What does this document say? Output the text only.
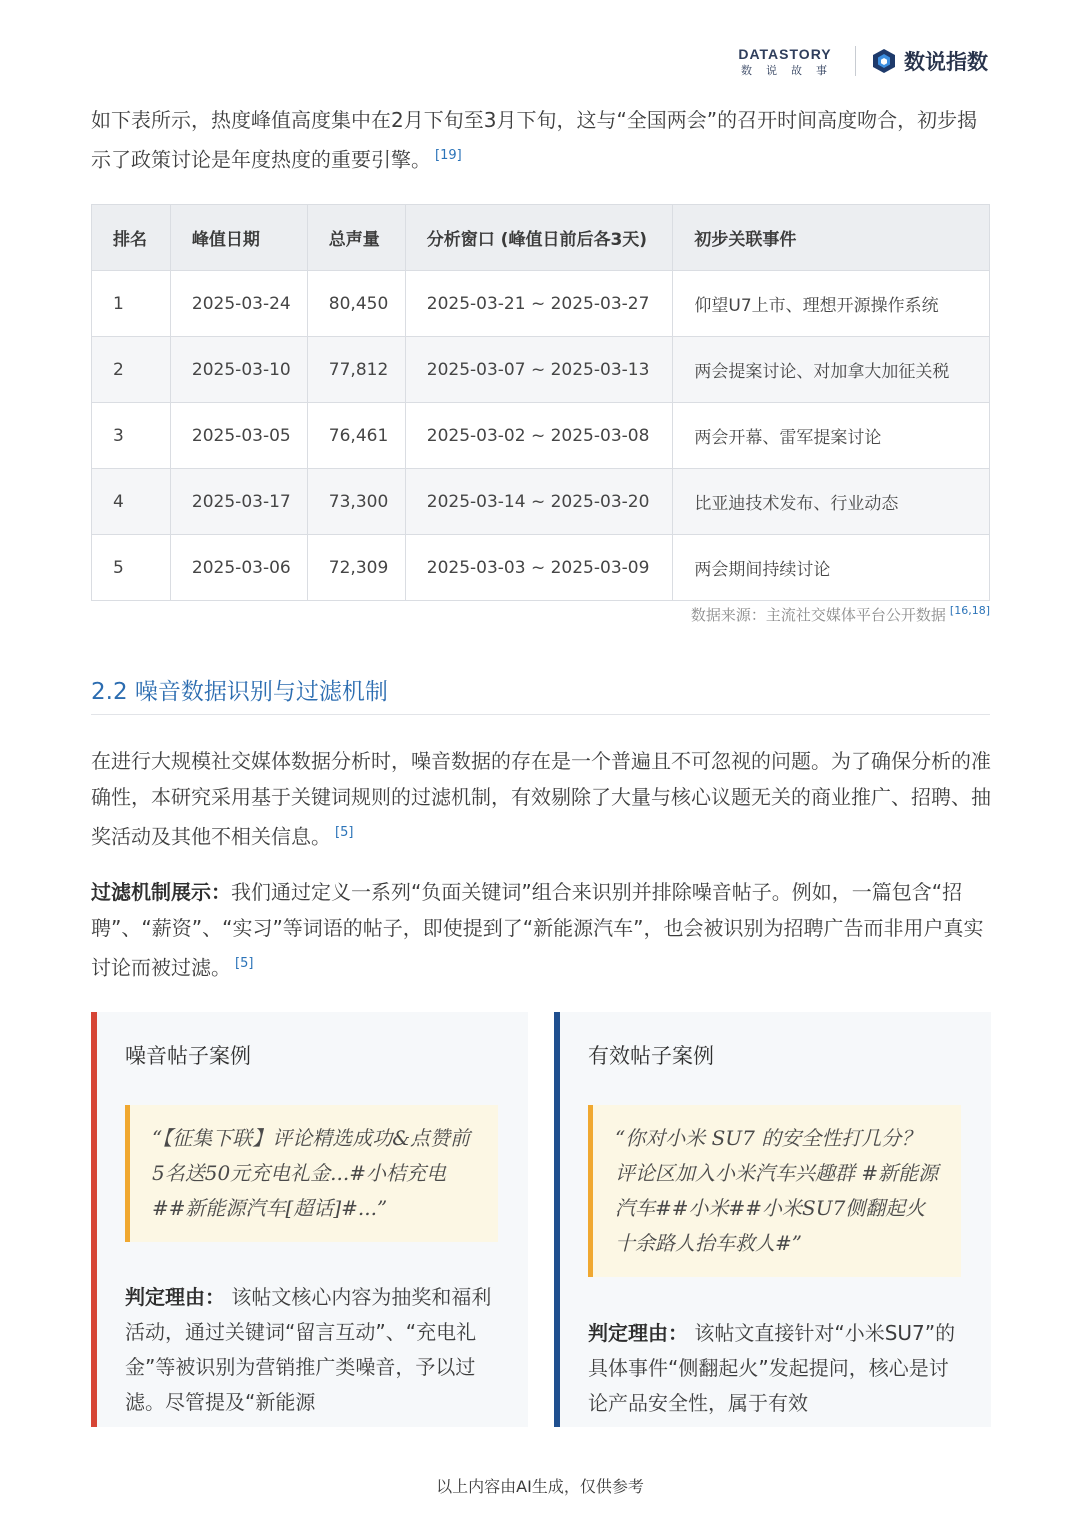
DATASTORY
数说故事	数说指数

如下表所示，热度峰值高度集中在2月下旬至3月下旬，这与“全国两会”的召开时间高度吻合，初步揭示了政策讨论是年度热度的重要引擎。 [19]

排名	峰值日期	总声量	分析窗口 (峰值日前后各3天)	初步关联事件
1	2025-03-24	80,450	2025-03-21 ~ 2025-03-27	仰望U7上市、理想开源操作系统
2	2025-03-10	77,812	2025-03-07 ~ 2025-03-13	两会提案讨论、对加拿大加征关税
3	2025-03-05	76,461	2025-03-02 ~ 2025-03-08	两会开幕、雷军提案讨论
4	2025-03-17	73,300	2025-03-14 ~ 2025-03-20	比亚迪技术发布、行业动态
5	2025-03-06	72,309	2025-03-03 ~ 2025-03-09	两会期间持续讨论
数据来源：主流社交媒体平台公开数据 [16,18]
2.2 噪音数据识别与过滤机制

在进行大规模社交媒体数据分析时，噪音数据的存在是一个普遍且不可忽视的问题。为了确保分析的准确性，本研究采用基于关键词规则的过滤机制，有效剔除了大量与核心议题无关的商业推广、招聘、抽奖活动及其他不相关信息。 [5]

过滤机制展示：我们通过定义一系列“负面关键词”组合来识别并排除噪音帖子。例如，一篇包含“招聘”、“薪资”、“实习”等词语的帖子，即使提到了“新能源汽车”，也会被识别为招聘广告而非用户真实讨论而被过滤。 [5]

噪音帖子案例
“【征集下联】评论精选成功&点赞前5名送50元充电礼金...#小桔充电##新能源汽车[超话]#...”

判定理由： 该帖文核心内容为抽奖和福利活动，通过关键词“留言互动”、“充电礼金”等被识别为营销推广类噪音，予以过滤。尽管提及“新能源

有效帖子案例
“你对小米 SU7 的安全性打几分？评论区加入小米汽车兴趣群 #新能源汽车##小米##小米SU7侧翻起火十余路人抬车救人#”

判定理由： 该帖文直接针对“小米SU7”的具体事件“侧翻起火”发起提问，核心是讨论产品安全性，属于有效

以上内容由AI生成，仅供参考
